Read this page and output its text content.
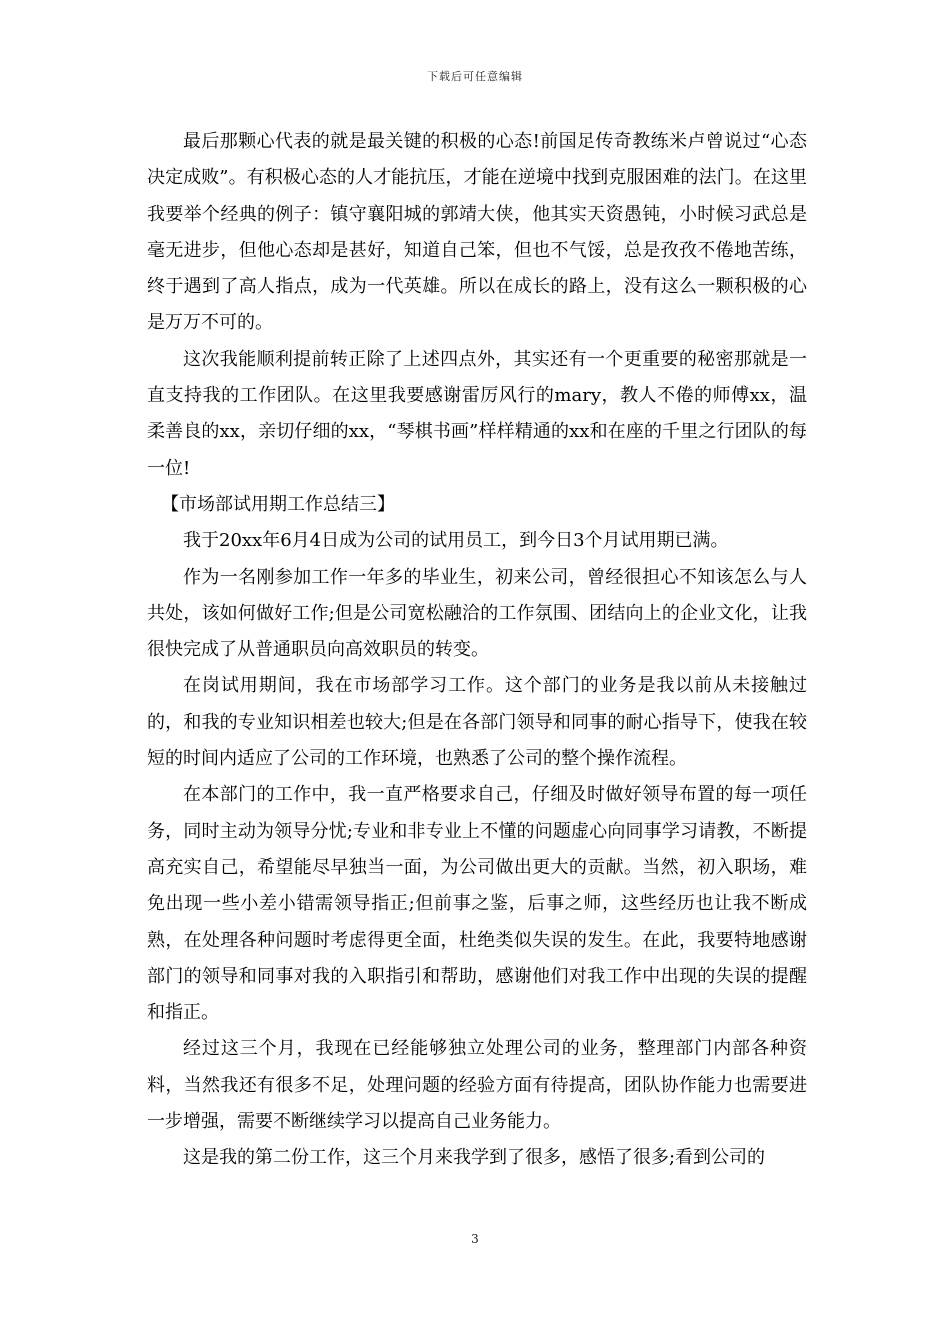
下载后可任意编辑

最后那颗心代表的就是最关键的积极的心态!前国足传奇教练米卢曾说过“心态决定成败”。有积极心态的人才能抗压，才能在逆境中找到克服困难的法门。在这里我要举个经典的例子：镇守襄阳城的郭靖大侠，他其实天资愚钝，小时候习武总是毫无进步，但他心态却是甚好，知道自己笨，但也不气馁，总是孜孜不倦地苦练，终于遇到了高人指点，成为一代英雄。所以在成长的路上，没有这么一颗积极的心是万万不可的。

这次我能顺利提前转正除了上述四点外，其实还有一个更重要的秘密那就是一直支持我的工作团队。在这里我要感谢雷厉风行的mary，教人不倦的师傅xx，温柔善良的xx，亲切仔细的xx，“琴棋书画”样样精通的xx和在座的千里之行团队的每一位!

【市场部试用期工作总结三】

我于20xx年6月4日成为公司的试用员工，到今日3个月试用期已满。

作为一名刚参加工作一年多的毕业生，初来公司，曾经很担心不知该怎么与人共处，该如何做好工作;但是公司宽松融洽的工作氛围、团结向上的企业文化，让我很快完成了从普通职员向高效职员的转变。

在岗试用期间，我在市场部学习工作。这个部门的业务是我以前从未接触过的，和我的专业知识相差也较大;但是在各部门领导和同事的耐心指导下，使我在较短的时间内适应了公司的工作环境，也熟悉了公司的整个操作流程。

在本部门的工作中，我一直严格要求自己，仔细及时做好领导布置的每一项任务，同时主动为领导分忧;专业和非专业上不懂的问题虚心向同事学习请教，不断提高充实自己，希望能尽早独当一面，为公司做出更大的贡献。当然，初入职场，难免出现一些小差小错需领导指正;但前事之鉴，后事之师，这些经历也让我不断成熟，在处理各种问题时考虑得更全面，杜绝类似失误的发生。在此，我要特地感谢部门的领导和同事对我的入职指引和帮助，感谢他们对我工作中出现的失误的提醒和指正。

经过这三个月，我现在已经能够独立处理公司的业务，整理部门内部各种资料，当然我还有很多不足，处理问题的经验方面有待提高，团队协作能力也需要进一步增强，需要不断继续学习以提高自己业务能力。

这是我的第二份工作，这三个月来我学到了很多，感悟了很多;看到公司的

3
